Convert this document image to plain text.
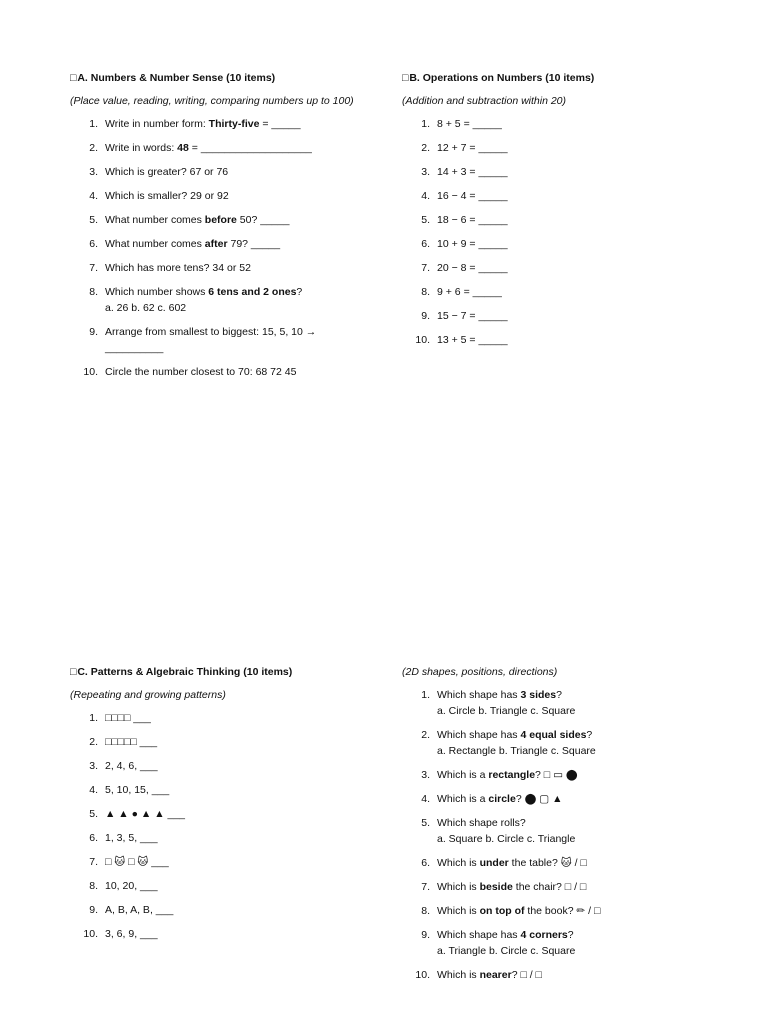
□A. Numbers & Number Sense (10 items)
(Place value, reading, writing, comparing numbers up to 100)
1. Write in number form: Thirty-five = _____
2. Write in words: 48 = ___________________
3. Which is greater? 67 or 76
4. Which is smaller? 29 or 92
5. What number comes before 50? _____
6. What number comes after 79? _____
7. Which has more tens? 34 or 52
8. Which number shows 6 tens and 2 ones?
a. 26 b. 62 c. 602
9. Arrange from smallest to biggest: 15, 5, 10 →
__________
10. Circle the number closest to 70: 68 72 45
□B. Operations on Numbers (10 items)
(Addition and subtraction within 20)
1. 8 + 5 = _____
2. 12 + 7 = _____
3. 14 + 3 = _____
4. 16 − 4 = _____
5. 18 − 6 = _____
6. 10 + 9 = _____
7. 20 − 8 = _____
8. 9 + 6 = _____
9. 15 − 7 = _____
10. 13 + 5 = _____
□C. Patterns & Algebraic Thinking (10 items)
(Repeating and growing patterns)
1. □□□□ ___
2. □□□□□ ___
3. 2, 4, 6, ___
4. 5, 10, 15, ___
5. ▲ ▲ ● ▲ ▲ ___
6. 1, 3, 5, ___
7. □ 🐱 □ 🐱 ___
8. 10, 20, ___
9. A, B, A, B, ___
10. 3, 6, 9, ___
(2D shapes, positions, directions)
1. Which shape has 3 sides?
a. Circle b. Triangle c. Square
2. Which shape has 4 equal sides?
a. Rectangle b. Triangle c. Square
3. Which is a rectangle? □ ▭ ⬤
4. Which is a circle? ⬤ ▢ ▲
5. Which shape rolls?
a. Square b. Circle c. Triangle
6. Which is under the table? 🐱 / □
7. Which is beside the chair? □ / □
8. Which is on top of the book? ✏ / □
9. Which shape has 4 corners?
a. Triangle b. Circle c. Square
10. Which is nearer? □ / □
